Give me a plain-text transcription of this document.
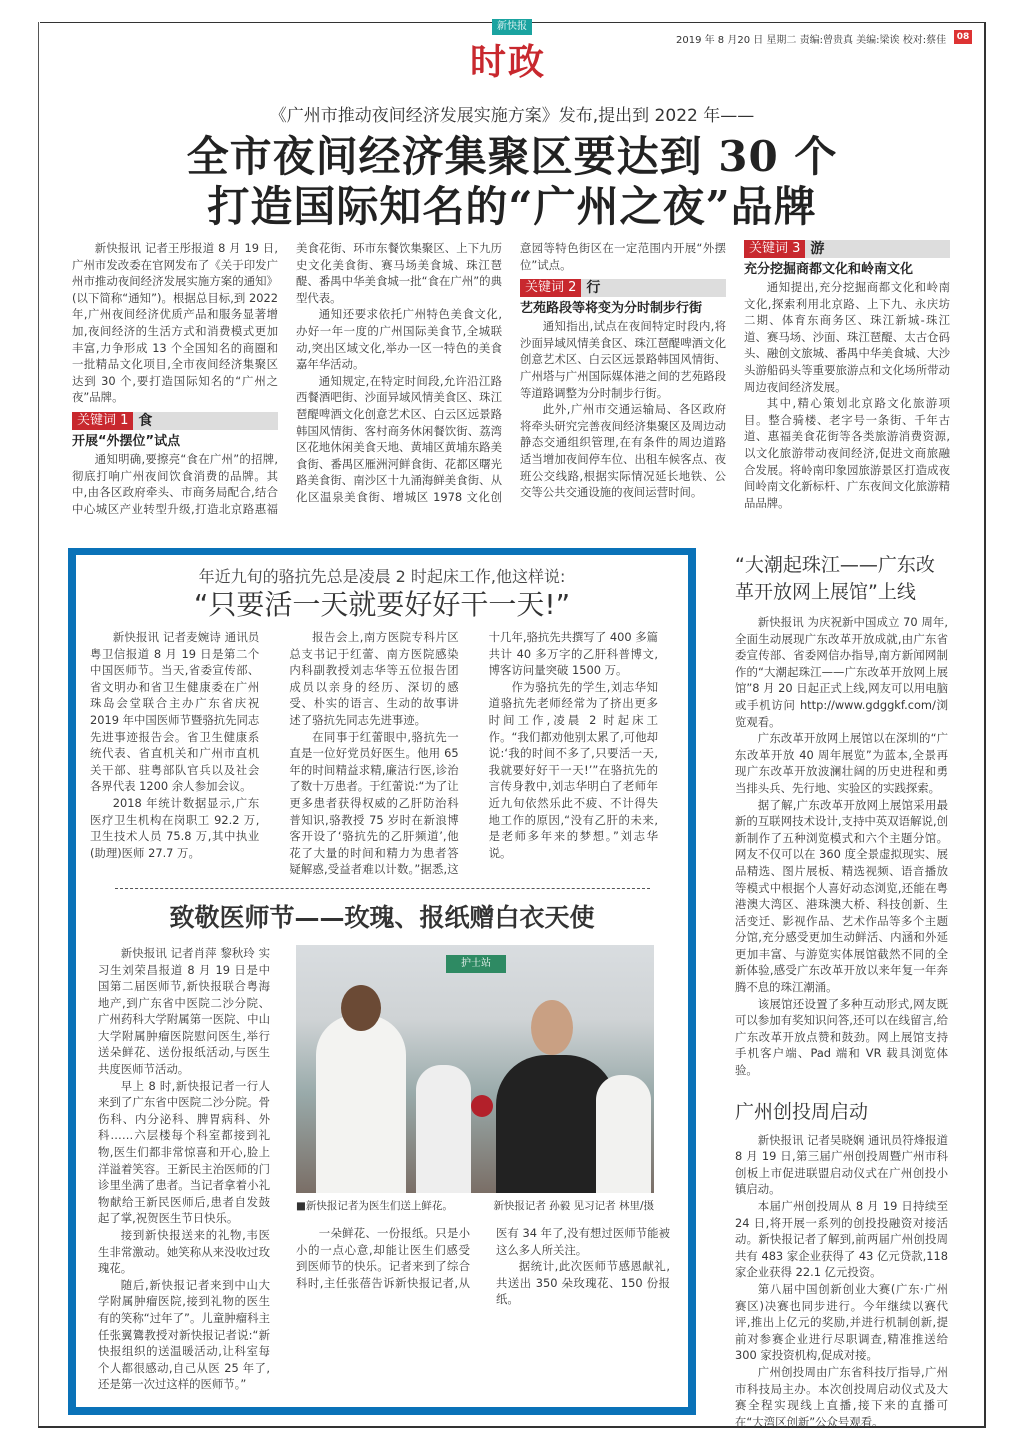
新快报
时政
2019 年 8 月20 日 星期二 责编:曾贵真 美编:梁诶 校对:蔡佳	08
《广州市推动夜间经济发展实施方案》发布,提出到 2022 年——
全市夜间经济集聚区要达到 30 个
打造国际知名的“广州之夜”品牌

新快报讯 记者王彤报道 8 月 19 日,广州市发改委在官网发布了《关于印发广州市推动夜间经济发展实施方案的通知》(以下简称“通知”)。根据总目标,到 2022 年,广州夜间经济优质产品和服务显著增加,夜间经济的生活方式和消费模式更加丰富,力争形成 13 个全国知名的商圈和一批精品文化项目,全市夜间经济集聚区达到 30 个,要打造国际知名的“广州之夜”品牌。

关键词 1 食
开展“外摆位”试点

通知明确,要擦亮“食在广州”的招牌,彻底打响广州夜间饮食消费的品牌。其中,由各区政府牵头、市商务局配合,结合中心城区产业转型升级,打造北京路惠福美食花街、环市东餐饮集聚区、上下九历史文化美食街、赛马场美食城、珠江琶醍、番禺中华美食城一批“食在广州”的典型代表。

通知还要求依托广州特色美食文化,办好一年一度的广州国际美食节,全城联动,突出区域文化,举办一区一特色的美食嘉年华活动。

通知规定,在特定时间段,允许沿江路西餐酒吧街、沙面异域风情美食区、珠江琶醍啤酒文化创意艺术区、白云区远景路韩国风情街、客村商务休闲餐饮街、荔湾区花地休闲美食天地、黄埔区黄埔东路美食街、番禺区雁洲河鲜食街、花都区曙光路美食街、南沙区十九涌海鲜美食街、从化区温泉美食街、增城区 1978 文化创意园等特色街区在一定范围内开展“外摆位”试点。

关键词 2 行
艺苑路段等将变为分时制步行街

通知指出,试点在夜间特定时段内,将沙面异域风情美食区、珠江琶醍啤酒文化创意艺术区、白云区远景路韩国风情街、广州塔与广州国际媒体港之间的艺苑路段等道路调整为分时制步行街。

此外,广州市交通运输局、各区政府将牵头研究完善夜间经济集聚区及周边动静态交通组织管理,在有条件的周边道路适当增加夜间停车位、出租车候客点、夜班公交线路,根据实际情况延长地铁、公交等公共交通设施的夜间运营时间。

关键词 3 游
充分挖掘商都文化和岭南文化

通知提出,充分挖掘商都文化和岭南文化,探索利用北京路、上下九、永庆坊二期、体育东商务区、珠江新城-珠江道、赛马场、沙面、珠江琶醍、太古仓码头、融创文旅城、番禺中华美食城、大沙头游船码头等重要旅游点和文化场所带动周边夜间经济发展。

其中,精心策划北京路文化旅游项目。整合骑楼、老字号一条街、千年古道、惠福美食花街等各类旅游消费资源,以文化旅游带动夜间经济,促进文商旅融合发展。将岭南印象园旅游景区打造成夜间岭南文化新标杆、广东夜间文化旅游精品品牌。

年近九旬的骆抗先总是凌晨 2 时起床工作,他这样说:
“只要活一天就要好好干一天!”

新快报讯 记者麦婉诗 通讯员粤卫信报道 8 月 19 日是第二个中国医师节。当天,省委宣传部、省文明办和省卫生健康委在广州珠岛会堂联合主办广东省庆祝 2019 年中国医师节暨骆抗先同志先进事迹报告会。省卫生健康系统代表、省直机关和广州市直机关干部、驻粤部队官兵以及社会各界代表 1200 余人参加会议。

2018 年统计数据显示,广东医疗卫生机构在岗职工 92.2 万,卫生技术人员 75.8 万,其中执业(助理)医师 27.7 万。

报告会上,南方医院专科片区总支书记于红蕾、南方医院感染内科副教授刘志华等五位报告团成员以亲身的经历、深切的感受、朴实的语言、生动的故事讲述了骆抗先同志先进事迹。

在同事于红蕾眼中,骆抗先一直是一位好党员好医生。他用 65 年的时间精益求精,廉洁行医,诊治了数十万患者。于红蕾说:“为了让更多患者获得权威的乙肝防治科普知识,骆教授 75 岁时在新浪博客开设了‘骆抗先的乙肝频道’,他花了大量的时间和精力为患者答疑解惑,受益者难以计数。”据悉,这十几年,骆抗先共撰写了 400 多篇共计 40 多万字的乙肝科普博文,博客访问量突破 1500 万。

作为骆抗先的学生,刘志华知道骆抗先老师经常为了挤出更多时间工作,凌晨 2 时起床工作。“我们都劝他别太累了,可他却说:‘我的时间不多了,只要活一天,我就要好好干一天!’”在骆抗先的言传身教中,刘志华明白了老师年近九旬依然乐此不疲、不计得失地工作的原因,“没有乙肝的未来,是老师多年来的梦想。”刘志华说。

致敬医师节——玫瑰、报纸赠白衣天使

新快报讯 记者肖萍 黎秋玲 实习生刘荣昌报道 8 月 19 日是中国第二届医师节,新快报联合粤海地产,到广东省中医院二沙分院、广州药科大学附属第一医院、中山大学附属肿瘤医院慰问医生,举行送朵鲜花、送份报纸活动,与医生共度医师节活动。

早上 8 时,新快报记者一行人来到了广东省中医院二沙分院。骨伤科、内分泌科、脾胃病科、外科……六层楼每个科室都接到礼物,医生们都非常惊喜和开心,脸上洋溢着笑容。王新民主治医师的门诊里坐满了患者。当记者拿着小礼物献给王新民医师后,患者自发鼓起了掌,祝贺医生节日快乐。

接到新快报送来的礼物,韦医生非常激动。她笑称从来没收过玫瑰花。

随后,新快报记者来到中山大学附属肿瘤医院,接到礼物的医生有的笑称“过年了”。儿童肿瘤科主任张翼鷟教授对新快报记者说:“新快报组织的送温暖活动,让科室每个人都很感动,自己从医 25 年了,还是第一次过这样的医师节。”

护士站
■新快报记者为医生们送上鲜花。	新快报记者 孙毅 见习记者 林里/摄

一朵鲜花、一份报纸。只是小小的一点心意,却能让医生们感受到医师节的快乐。记者来到了综合科时,主任张蓓告诉新快报记者,从医有 34 年了,没有想过医师节能被这么多人所关注。

据统计,此次医师节感恩献礼,共送出 350 朵玫瑰花、150 份报纸。

“大潮起珠江——广东改革开放网上展馆”上线

新快报讯 为庆祝新中国成立 70 周年,全面生动展现广东改革开放成就,由广东省委宣传部、省委网信办指导,南方新闻网制作的“大潮起珠江——广东改革开放网上展馆”8 月 20 日起正式上线,网友可以用电脑或手机访问 http://www.gdggkf.com/浏览观看。

广东改革开放网上展馆以在深圳的“广东改革开放 40 周年展览”为蓝本,全景再现广东改革开放波澜壮阔的历史进程和勇当排头兵、先行地、实验区的实践探索。

据了解,广东改革开放网上展馆采用最新的互联网技术设计,支持中英双语解说,创新制作了五种浏览模式和六个主题分馆。网友不仅可以在 360 度全景虚拟现实、展品精选、图片展板、精选视频、语音播放等模式中根据个人喜好动态浏览,还能在粤港澳大湾区、港珠澳大桥、科技创新、生活变迁、影视作品、艺术作品等多个主题分馆,充分感受更加生动鲜活、内涵和外延更加丰富、与游览实体展馆截然不同的全新体验,感受广东改革开放以来年复一年奔腾不息的珠江潮涌。

该展馆还设置了多种互动形式,网友既可以参加有奖知识问答,还可以在线留言,给广东改革开放点赞和鼓劲。网上展馆支持手机客户端、Pad 端和 VR 载具浏览体验。

广州创投周启动

新快报讯 记者吴晓娴 通讯员符烽报道 8 月 19 日,第三届广州创投周暨广州市科创板上市促进联盟启动仪式在广州创投小镇启动。

本届广州创投周从 8 月 19 日持续至 24 日,将开展一系列的创投投融资对接活动。新快报记者了解到,前两届广州创投周共有 483 家企业获得了 43 亿元贷款,118 家企业获得 22.1 亿元投资。

第八届中国创新创业大赛(广东·广州赛区)决赛也同步进行。今年继续以赛代评,推出上亿元的奖励,并进行机制创新,提前对参赛企业进行尽职调查,精准推送给 300 家投资机构,促成对接。

广州创投周由广东省科技厅指导,广州市科技局主办。本次创投周启动仪式及大赛全程实现线上直播,接下来的直播可在“大湾区创新”公众号观看。
